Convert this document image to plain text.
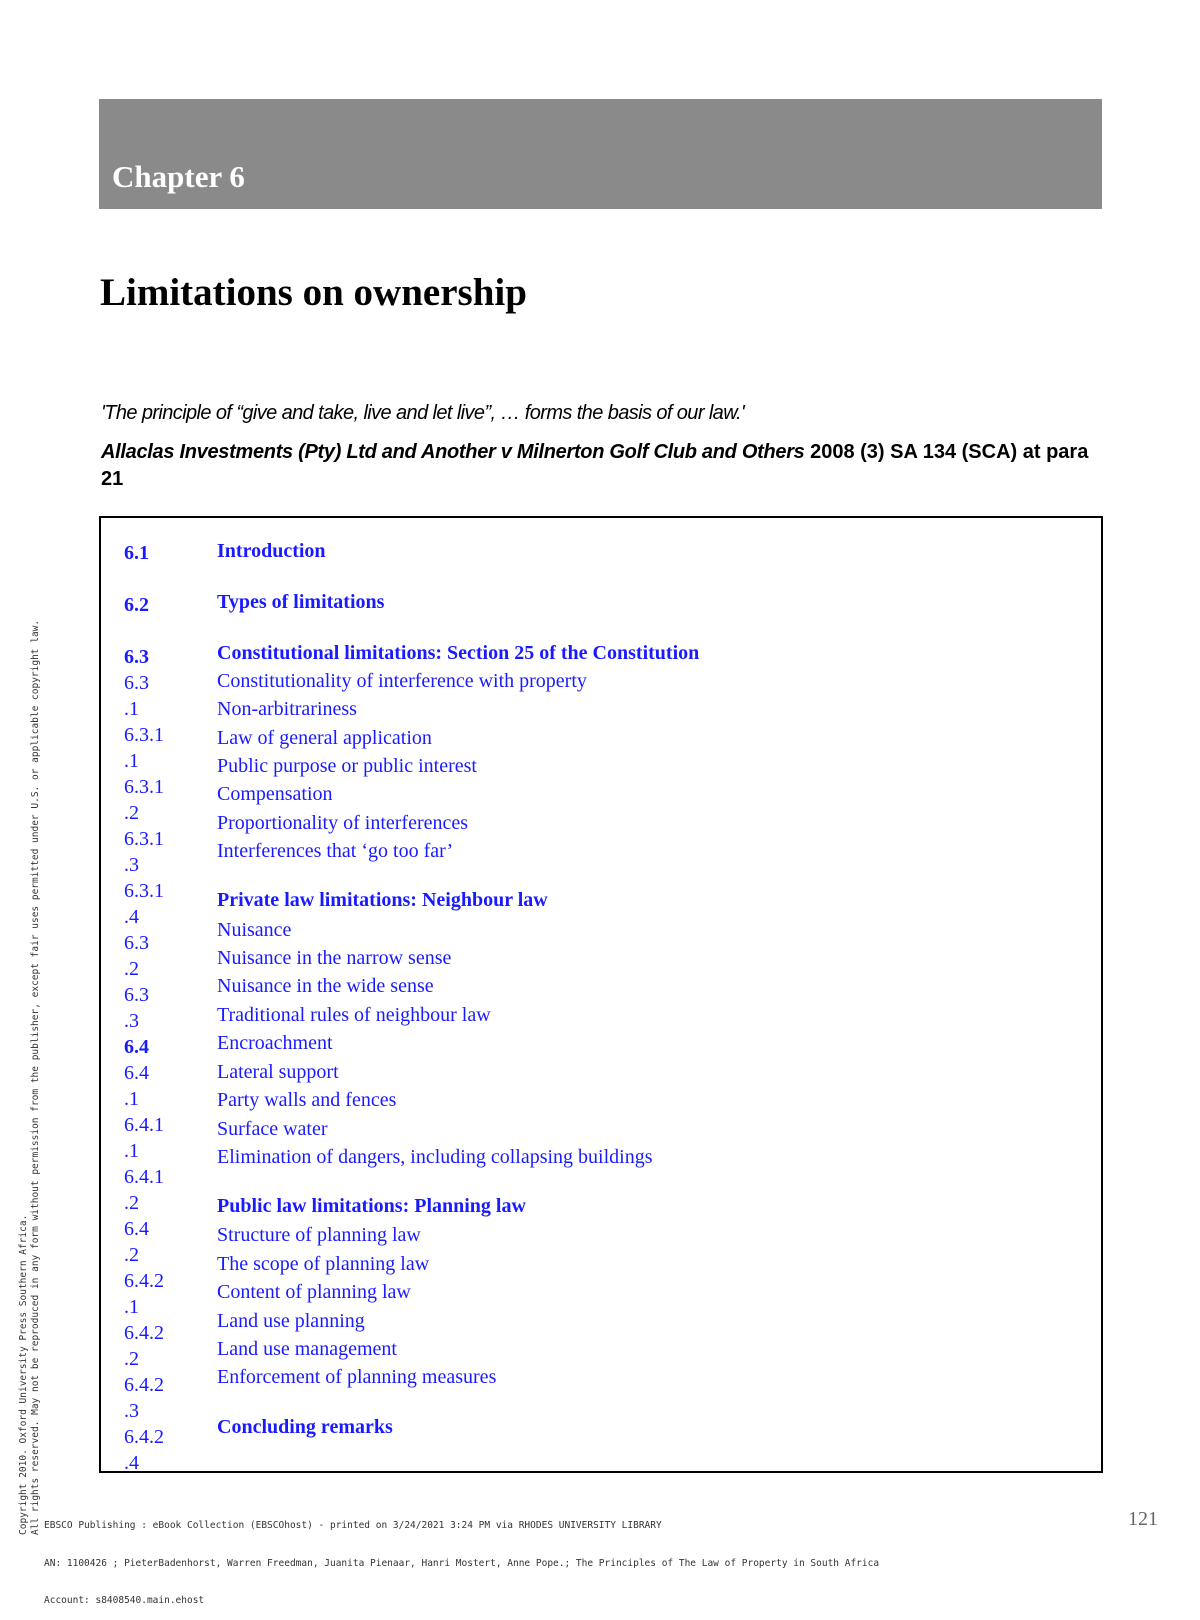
Chapter 6
Limitations on ownership
'The principle of “give and take, live and let live”, … forms the basis of our law.'
Allaclas Investments (Pty) Ltd and Another v Milnerton Golf Club and Others 2008 (3) SA 134 (SCA) at para 21
6.1

6.2

6.3
6.3
.1
6.3.1
.1
6.3.1
.2
6.3.1
.3
6.3.1
.4
6.3
.2
6.3
.3
6.4
6.4
.1
6.4.1
.1
6.4.1
.2
6.4
.2
6.4.2
.1
6.4.2
.2
6.4.2
.3
6.4.2
.4
Introduction
Types of limitations
Constitutional limitations: Section 25 of the Constitution
Constitutionality of interference with property
Non-arbitrariness
Law of general application
Public purpose or public interest
Compensation
Proportionality of interferences
Interferences that ‘go too far’
Private law limitations: Neighbour law
Nuisance
Nuisance in the narrow sense
Nuisance in the wide sense
Traditional rules of neighbour law
Encroachment
Lateral support
Party walls and fences
Surface water
Elimination of dangers, including collapsing buildings
Public law limitations: Planning law
Structure of planning law
The scope of planning law
Content of planning law
Land use planning
Land use management
Enforcement of planning measures
Concluding remarks
Copyright 2010. Oxford University Press Southern Africa. All rights reserved. May not be reproduced in any form without permission from the publisher, except fair uses permitted under U.S. or applicable copyright law.

EBSCO Publishing : eBook Collection (EBSCOhost) - printed on 3/24/2021 3:24 PM via RHODES UNIVERSITY LIBRARY

AN: 1100426 ; PieterBadenhorst, Warren Freedman, Juanita Pienaar, Hanri Mostert, Anne Pope.; The Principles of The Law of Property in South Africa

Account: s8408540.main.ehost

121
